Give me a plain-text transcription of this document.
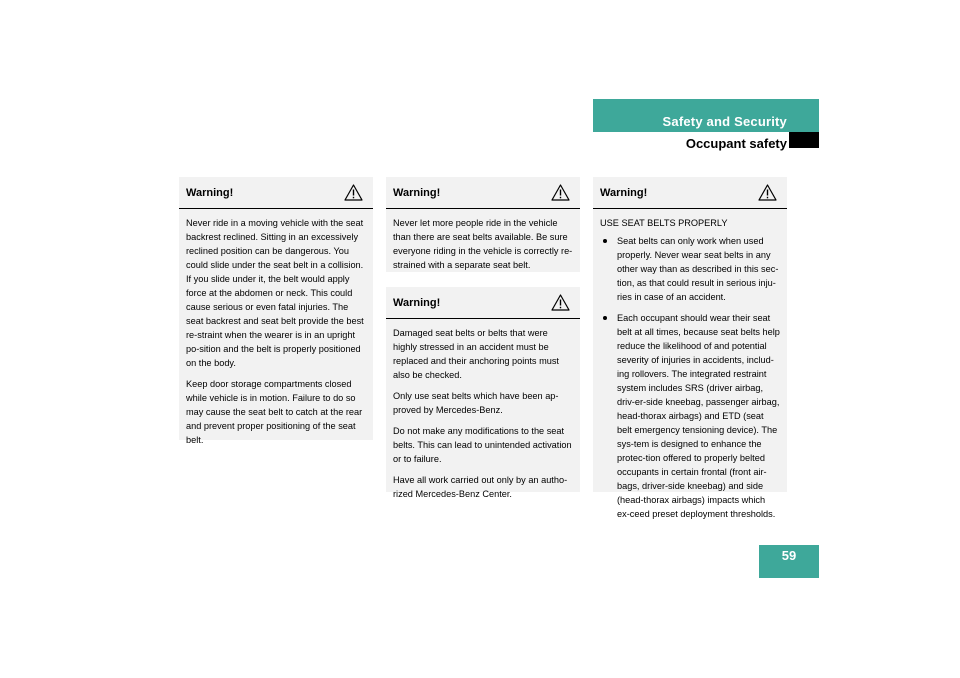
Safety and Security
Occupant safety
Warning!

Never ride in a moving vehicle with the seat backrest reclined. Sitting in an excessively reclined position can be dangerous. You could slide under the seat belt in a collision. If you slide under it, the belt would apply force at the abdomen or neck. This could cause serious or even fatal injuries. The seat backrest and seat belt provide the best re-straint when the wearer is in an upright po-sition and the belt is properly positioned on the body.

Keep door storage compartments closed while vehicle is in motion. Failure to do so may cause the seat belt to catch at the rear and prevent proper positioning of the seat belt.

Warning!

Never let more people ride in the vehicle than there are seat belts available. Be sure everyone riding in the vehicle is correctly re-strained with a separate seat belt.

Warning!

Damaged seat belts or belts that were highly stressed in an accident must be replaced and their anchoring points must also be checked.

Only use seat belts which have been ap-proved by Mercedes-Benz.

Do not make any modifications to the seat belts. This can lead to unintended activation or to failure.

Have all work carried out only by an autho-rized Mercedes-Benz Center.

Warning!

USE SEAT BELTS PROPERLY

Seat belts can only work when used properly. Never wear seat belts in any other way than as described in this sec-tion, as that could result in serious inju-ries in case of an accident.
Each occupant should wear their seat belt at all times, because seat belts help reduce the likelihood of and potential severity of injuries in accidents, includ-ing rollovers. The integrated restraint system includes SRS (driver airbag, driv-er-side kneebag, passenger airbag, head-thorax airbags) and ETD (seat belt emergency tensioning device). The sys-tem is designed to enhance the protec-tion offered to properly belted occupants in certain frontal (front air-bags, driver-side kneebag) and side (head-thorax airbags) impacts which ex-ceed preset deployment thresholds.
59
